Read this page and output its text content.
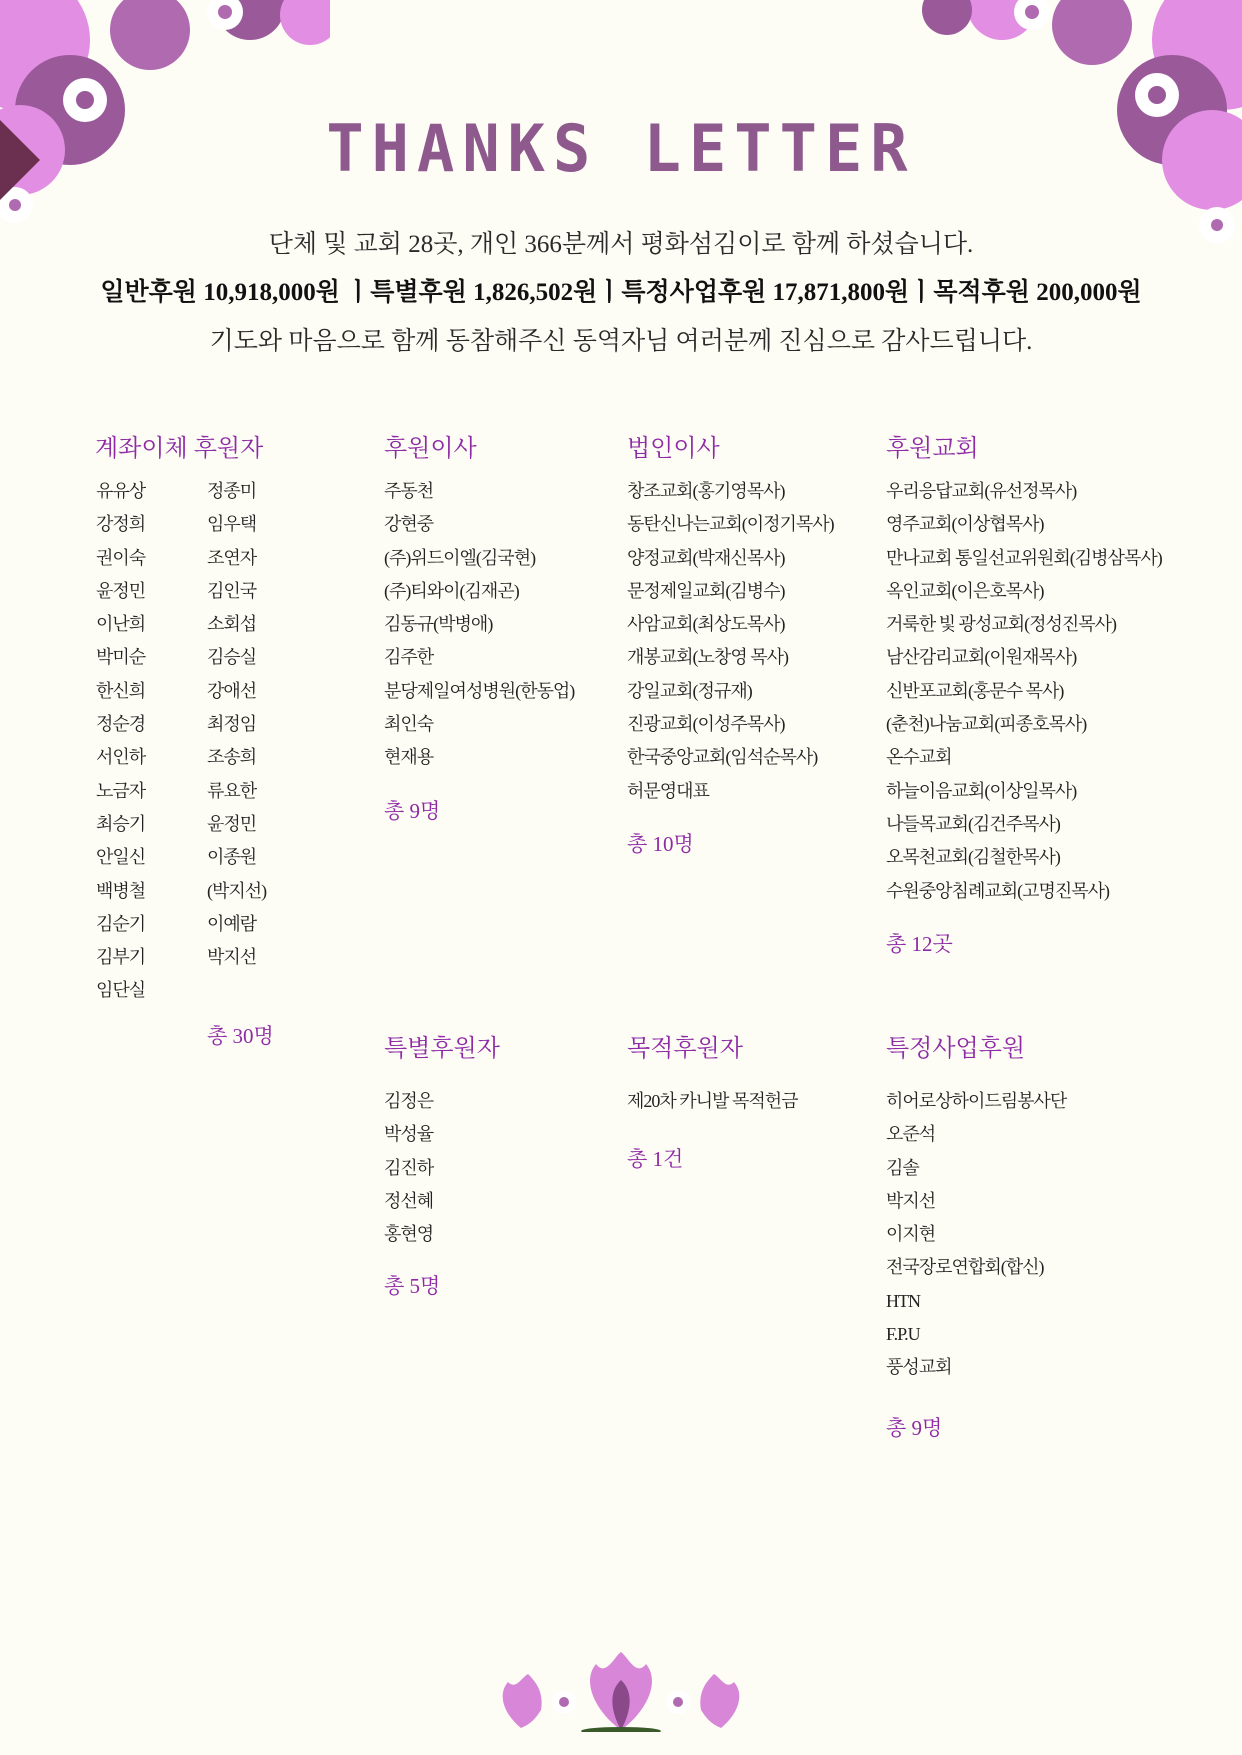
THANKS LETTER
단체 및 교회 28곳, 개인 366분께서 평화섬김이로 함께 하셨습니다.
일반후원 10,918,000원 ㅣ특별후원 1,826,502원ㅣ특정사업후원 17,871,800원ㅣ목적후원 200,000원
기도와 마음으로 함께 동참해주신 동역자님 여러분께 진심으로 감사드립니다.
계좌이체 후원자
유유상
강정희
권이숙
윤정민
이난희
박미순
한신희
정순경
서인하
노금자
최승기
안일신
백병철
김순기
김부기
임단실
정종미
임우택
조연자
김인국
소회섭
김승실
강애선
최정임
조송희
류요한
윤정민
이종원
(박지선)
이예람
박지선
총 30명
후원이사
주동천
강현중
(주)위드이엘(김국현)
(주)티와이(김재곤)
김동규(박병애)
김주한
분당제일여성병원(한동업)
최인숙
현재용
총 9명
법인이사
창조교회(홍기영목사)
동탄신나는교회(이정기목사)
양정교회(박재신목사)
문정제일교회(김병수)
사암교회(최상도목사)
개봉교회(노창영 목사)
강일교회(정규재)
진광교회(이성주목사)
한국중앙교회(임석순목사)
허문영대표
총 10명
후원교회
우리응답교회(유선정목사)
영주교회(이상협목사)
만나교회 통일선교위원회(김병삼목사)
옥인교회(이은호목사)
거룩한 빛 광성교회(정성진목사)
남산감리교회(이원재목사)
신반포교회(홍문수 목사)
(춘천)나눔교회(피종호목사)
온수교회
하늘이음교회(이상일목사)
나들목교회(김건주목사)
오목천교회(김철한목사)
수원중앙침례교회(고명진목사)
총 12곳
특별후원자
김정은
박성율
김진하
정선혜
홍현영
총 5명
목적후원자
제20차 카니발 목적헌금
총 1건
특정사업후원
히어로상하이드림봉사단
오준석
김솔
박지선
이지현
전국장로연합회(합신)
HTN
F.P.U
풍성교회
총 9명
